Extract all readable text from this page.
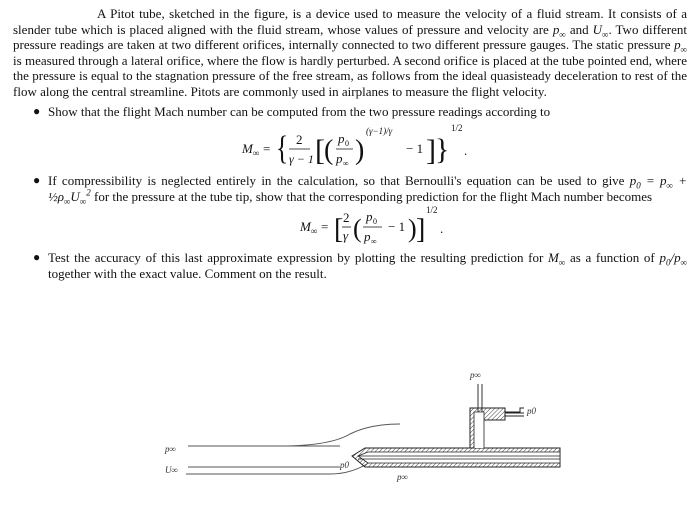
A Pitot tube, sketched in the figure, is a device used to measure the velocity of a fluid stream. It consists of a slender tube which is placed aligned with the fluid stream, whose values of pressure and velocity are $p_\infty$ and $U_\infty$. Two different pressure readings are taken at two different orifices, internally connected to two different pressure gauges. The static pressure $p_\infty$ is measured through a lateral orifice, where the flow is hardly perturbed. A second orifice is placed at the tube pointed end, where the pressure is equal to the stagnation pressure of the free stream, as follows from the ideal quasisteady deceleration to rest of the flow along the central streamline. Pitots are commonly used in airplanes to measure the flight velocity.

● Show that the flight Mach number can be computed from the two pressure readings according to
M ∞ = { 2
γ − 1 [ ( p 0
p ∞ )
(γ−1)/γ
− 1 ] }
1/2
.
● If compressibility is neglected entirely in the calculation, so that Bernoulli's equation can be used to give $p_0 = p_\infty$ + $\frac{1}{2}\rho_\infty U_\infty^2$ for the pressure at the tube tip, show that the corresponding prediction for the flight Mach number becomes
M ∞ = [ 2
γ ( p 0
p ∞
− 1 ) ]
1/2
.
● Test the accuracy of this last approximate expression by plotting the resulting prediction for $M_\infty$ as a function of $p_0/p_\infty$ together with the exact value. Comment on the result.
p∞
U∞	p0
p∞
p∞
p0
